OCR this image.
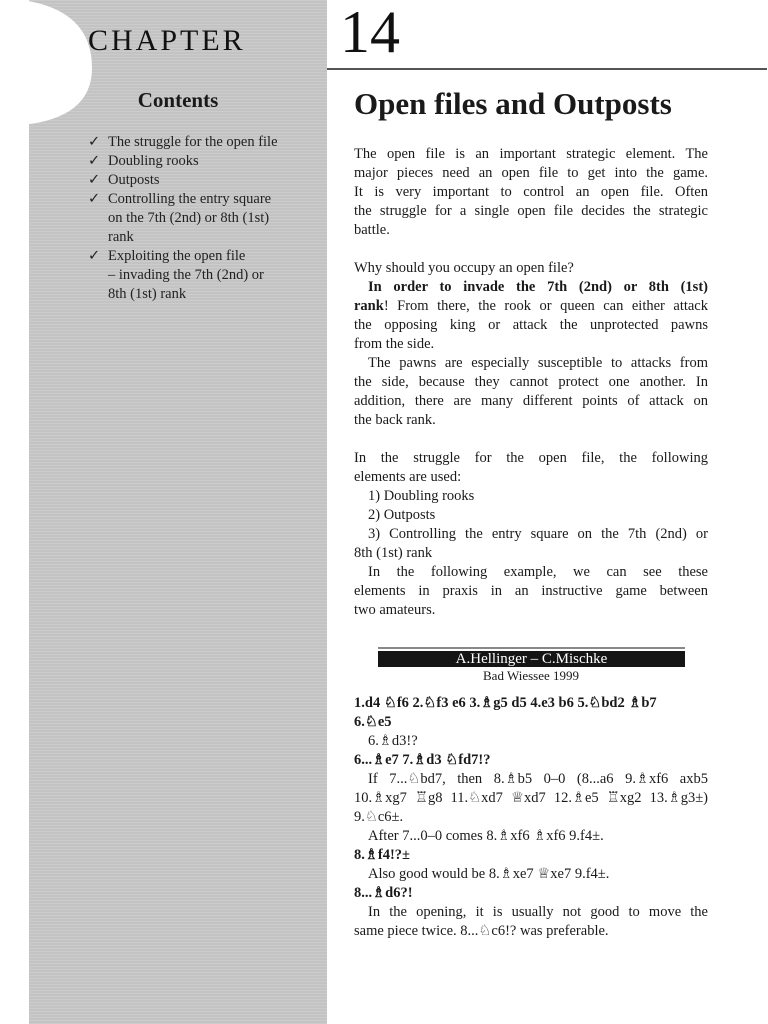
CHAPTER 14
Contents
✓ The struggle for the open file
✓ Doubling rooks
✓ Outposts
✓ Controlling the entry square
on the 7th (2nd) or 8th (1st)
rank
✓ Exploiting the open file
– invading the 7th (2nd) or
8th (1st) rank
Open files and Outposts
The open file is an important strategic element. The
major pieces need an open file to get into the game.
It is very important to control an open file. Often
the struggle for a single open file decides the strategic
battle.
Why should you occupy an open file?
In order to invade the 7th (2nd) or 8th (1st)
rank! From there, the rook or queen can either attack
the opposing king or attack the unprotected pawns
from the side.
The pawns are especially susceptible to attacks from
the side, because they cannot protect one another. In
addition, there are many different points of attack on
the back rank.
In the struggle for the open file, the following
elements are used:
1) Doubling rooks
2) Outposts
3) Controlling the entry square on the 7th (2nd) or
8th (1st) rank
In the following example, we can see these
elements in praxis in an instructive game between
two amateurs.
A.Hellinger – C.Mischke
Bad Wiessee 1999
1.d4 ♘f6 2.♘f3 e6 3.♗g5 d5 4.e3 b6 5.♘bd2 ♗b7
6.♘e5
6.♗d3!?
6...♗e7 7.♗d3 ♘fd7!?
If 7...♘bd7, then 8.♗b5 0–0 (8...a6 9.♗xf6 axb5
10.♗xg7 ♖g8 11.♘xd7 ♕xd7 12.♗e5 ♖xg2 13.♗g3±)
9.♘c6±.
After 7...0–0 comes 8.♗xf6 ♗xf6 9.f4±.
8.♗f4!?±
Also good would be 8.♗xe7 ♕xe7 9.f4±.
8...♗d6?!
In the opening, it is usually not good to move the
same piece twice. 8...♘c6!? was preferable.
